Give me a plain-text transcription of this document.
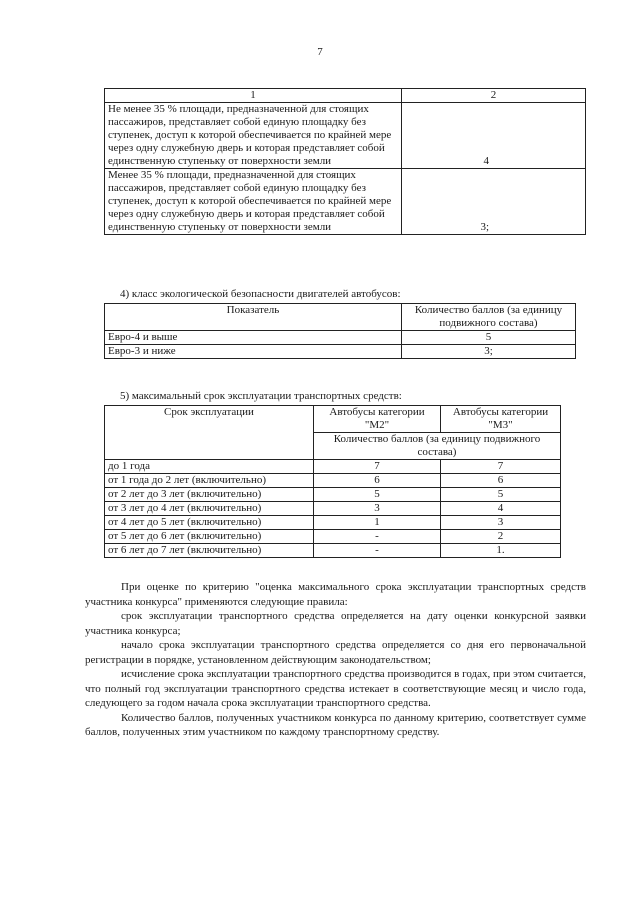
7
1	2
Не менее 35 % площади, предназначенной для стоящих пассажиров, представляет собой единую площадку без ступенек, доступ к которой обеспечивается по крайней мере через одну служебную дверь и которая представляет собой единственную ступеньку от поверхности земли	4
Менее 35 % площади, предназначенной для стоящих пассажиров, представляет собой единую площадку без ступенек, доступ к которой обеспечивается по крайней мере через одну служебную дверь и которая представляет собой единственную ступеньку от поверхности земли	3;
4) класс экологической безопасности двигателей автобусов:
Показатель	Количество баллов (за единицу подвижного состава)
Евро-4 и выше	5
Евро-3 и ниже	3;
5) максимальный срок эксплуатации транспортных средств:
Срок эксплуатации	Автобусы категории "М2"	Автобусы категории "М3"
	Количество баллов (за единицу подвижного состава)	
до 1 года	7	7
от 1 года до 2 лет (включительно)	6	6
от 2 лет до 3 лет (включительно)	5	5
от 3 лет до 4 лет (включительно)	3	4
от 4 лет до 5 лет (включительно)	1	3
от 5 лет до 6 лет (включительно)	-	2
от 6 лет до 7 лет (включительно)	-	1.

При оценке по критерию "оценка максимального срока эксплуатации транспортных средств участника конкурса" применяются следующие правила:

срок эксплуатации транспортного средства определяется на дату оценки конкурсной заявки участника конкурса;

начало срока эксплуатации транспортного средства определяется со дня его первоначальной регистрации в порядке, установленном действующим законодательством;

исчисление срока эксплуатации транспортного средства производится в годах, при этом считается, что полный год эксплуатации транспортного средства истекает в соответствующие месяц и число года, следующего за годом начала срока эксплуатации транспортного средства.

Количество баллов, полученных участником конкурса по данному критерию, соответствует сумме баллов, полученных этим участником по каждому транспортному средству.
